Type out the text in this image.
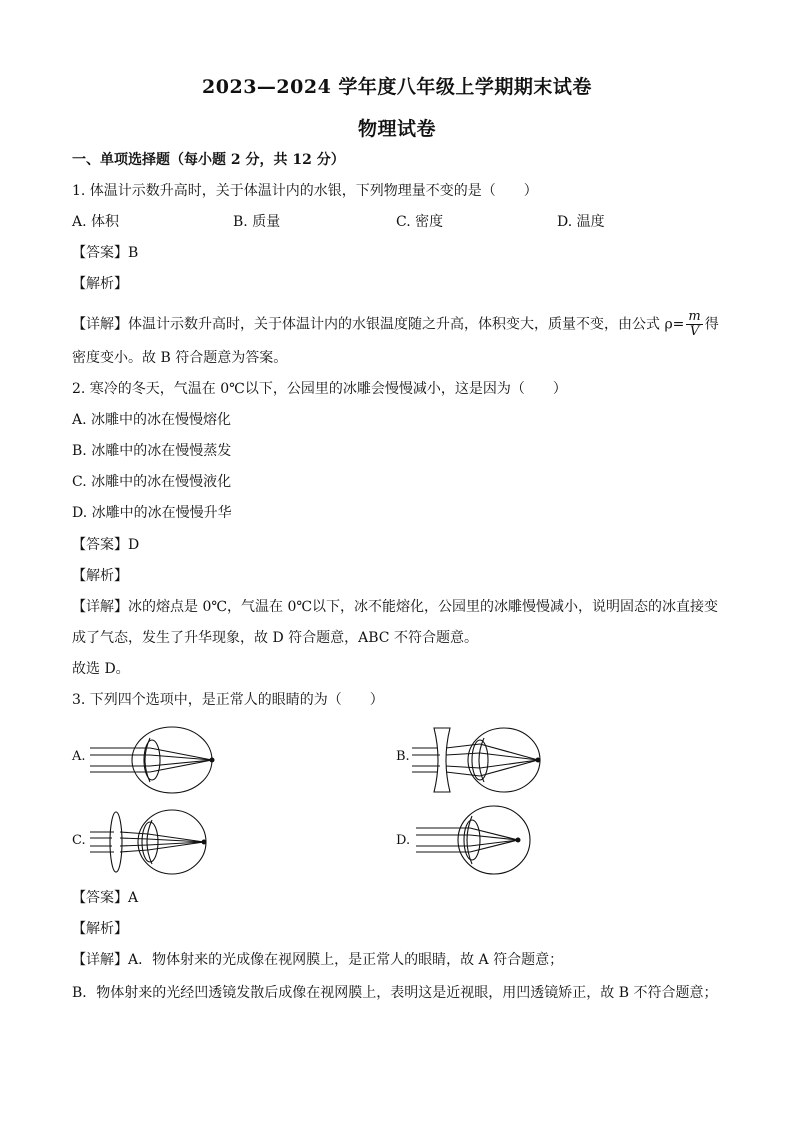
2023—2024 学年度八年级上学期期末试卷
物理试卷
一、单项选择题（每小题 2 分，共 12 分）
1. 体温计示数升高时，关于体温计内的水银，下列物理量不变的是（　　）
A. 体积	B. 质量	C. 密度	D. 温度
【答案】B
【解析】
【详解】体温计示数升高时，关于体温计内的水银温度随之升高，体积变大，质量不变，由公式 $\rho= \frac{m}{V}$ 得
密度变小。故 B 符合题意为答案。
2. 寒冷的冬天，气温在 0℃以下，公园里的冰雕会慢慢减小，这是因为（　　）
A. 冰雕中的冰在慢慢熔化
B. 冰雕中的冰在慢慢蒸发
C. 冰雕中的冰在慢慢液化
D. 冰雕中的冰在慢慢升华
【答案】D
【解析】
【详解】冰的熔点是 0℃，气温在 0℃以下，冰不能熔化，公园里的冰雕慢慢减小，说明固态的冰直接变
成了气态，发生了升华现象，故 D 符合题意，ABC 不符合题意。
故选 D。
3. 下列四个选项中，是正常人的眼睛的为（　　）
A.	B.
C.	D.
【答案】A
【解析】
【详解】A．物体射来的光成像在视网膜上，是正常人的眼睛，故 A 符合题意；
B．物体射来的光经凹透镜发散后成像在视网膜上，表明这是近视眼，用凹透镜矫正，故 B 不符合题意；
